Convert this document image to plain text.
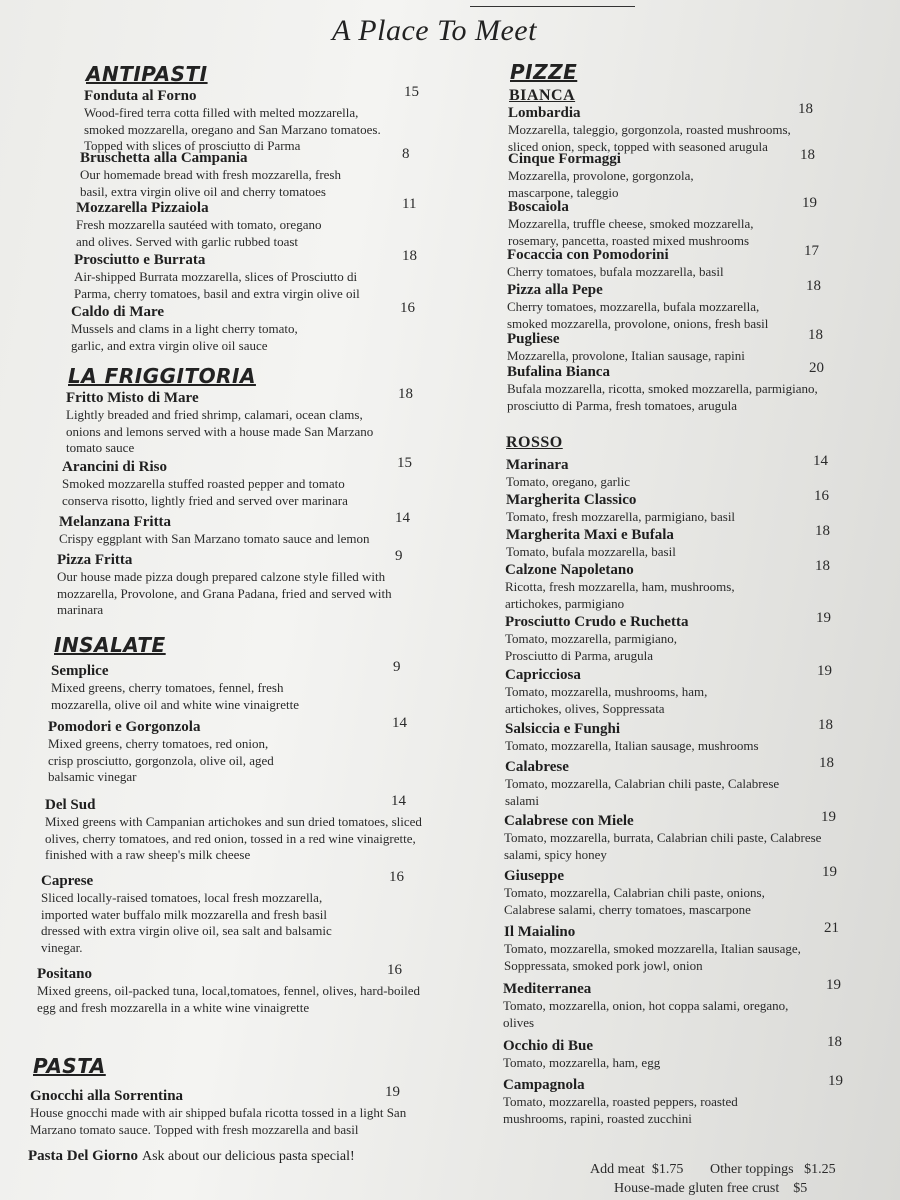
A Place To Meet
ANTIPASTI
Fonduta al Forno
Wood-fired terra cotta filled with melted mozzarella, smoked mozzarella, oregano and San Marzano tomatoes. Topped with slices of prosciutto di Parma
15
Bruschetta alla Campania
Our homemade bread with fresh mozzarella, fresh basil, extra virgin olive oil and cherry tomatoes
8
Mozzarella Pizzaiola
Fresh mozzarella sautéed with tomato, oregano and olives. Served with garlic rubbed toast
11
Prosciutto e Burrata
Air-shipped Burrata mozzarella, slices of Prosciutto di Parma, cherry tomatoes, basil and extra virgin olive oil
18
Caldo di Mare
Mussels and clams in a light cherry tomato, garlic, and extra virgin olive oil sauce
16
LA FRIGGITORIA
Fritto Misto di Mare
Lightly breaded and fried shrimp, calamari, ocean clams, onions and lemons served with a house made San Marzano tomato sauce
18
Arancini di Riso
Smoked mozzarella stuffed roasted pepper and tomato conserva risotto, lightly fried and served over marinara
15
Melanzana Fritta
Crispy eggplant with San Marzano tomato sauce and lemon
14
Pizza Fritta
Our house made pizza dough prepared calzone style filled with mozzarella, Provolone, and Grana Padana, fried and served with marinara
9
INSALATE
Semplice
Mixed greens, cherry tomatoes, fennel, fresh mozzarella, olive oil and white wine vinaigrette
9
Pomodori e Gorgonzola
Mixed greens, cherry tomatoes, red onion, crisp prosciutto, gorgonzola, olive oil, aged balsamic vinegar
14
Del Sud
Mixed greens with Campanian artichokes and sun dried tomatoes, sliced olives, cherry tomatoes, and red onion, tossed in a red wine vinaigrette, finished with a raw sheep's milk cheese
14
Caprese
Sliced locally-raised tomatoes, local fresh mozzarella, imported water buffalo milk mozzarella and fresh basil dressed with extra virgin olive oil, sea salt and balsamic vinegar.
16
Positano
Mixed greens, oil-packed tuna, local,tomatoes, fennel, olives, hard-boiled egg and fresh mozzarella in a white wine vinaigrette
16
PASTA
Gnocchi alla Sorrentina
House gnocchi made with air shipped bufala ricotta tossed in a light San Marzano tomato sauce. Topped with fresh mozzarella and basil
19
Pasta Del Giorno Ask about our delicious pasta special!
PIZZE
BIANCA
Lombardia
Mozzarella, taleggio, gorgonzola, roasted mushrooms, sliced onion, speck, topped with seasoned arugula
18
Cinque Formaggi
Mozzarella, provolone, gorgonzola, mascarpone, taleggio
18
Boscaiola
Mozzarella, truffle cheese, smoked mozzarella, rosemary, pancetta, roasted mixed mushrooms
19
Focaccia con Pomodorini
Cherry tomatoes, bufala mozzarella, basil
17
Pizza alla Pepe
Cherry tomatoes, mozzarella, bufala mozzarella, smoked mozzarella, provolone, onions, fresh basil
18
Pugliese
Mozzarella, provolone, Italian sausage, rapini
18
Bufalina Bianca
Bufala mozzarella, ricotta, smoked mozzarella, parmigiano, prosciutto di Parma, fresh tomatoes, arugula
20
ROSSO
Marinara
Tomato, oregano, garlic
14
Margherita Classico
Tomato, fresh mozzarella, parmigiano, basil
16
Margherita Maxi e Bufala
Tomato, bufala mozzarella, basil
18
Calzone Napoletano
Ricotta, fresh mozzarella, ham, mushrooms, artichokes, parmigiano
18
Prosciutto Crudo e Ruchetta
Tomato, mozzarella, parmigiano, Prosciutto di Parma, arugula
19
Capricciosa
Tomato, mozzarella, mushrooms, ham, artichokes, olives, Soppressata
19
Salsiccia e Funghi
Tomato, mozzarella, Italian sausage, mushrooms
18
Calabrese
Tomato, mozzarella, Calabrian chili paste, Calabrese salami
18
Calabrese con Miele
Tomato, mozzarella, burrata, Calabrian chili paste, Calabrese salami, spicy honey
19
Giuseppe
Tomato, mozzarella, Calabrian chili paste, onions, Calabrese salami, cherry tomatoes, mascarpone
19
Il Maialino
Tomato, mozzarella, smoked mozzarella, Italian sausage, Soppressata, smoked pork jowl, onion
21
Mediterranea
Tomato, mozzarella, onion, hot coppa salami, oregano, olives
19
Occhio di Bue
Tomato, mozzarella, ham, egg
18
Campagnola
Tomato, mozzarella, roasted peppers, roasted mushrooms, rapini, roasted zucchini
19
Add meat  $1.75 Other toppings   $1.25
House-made gluten free crust    $5
